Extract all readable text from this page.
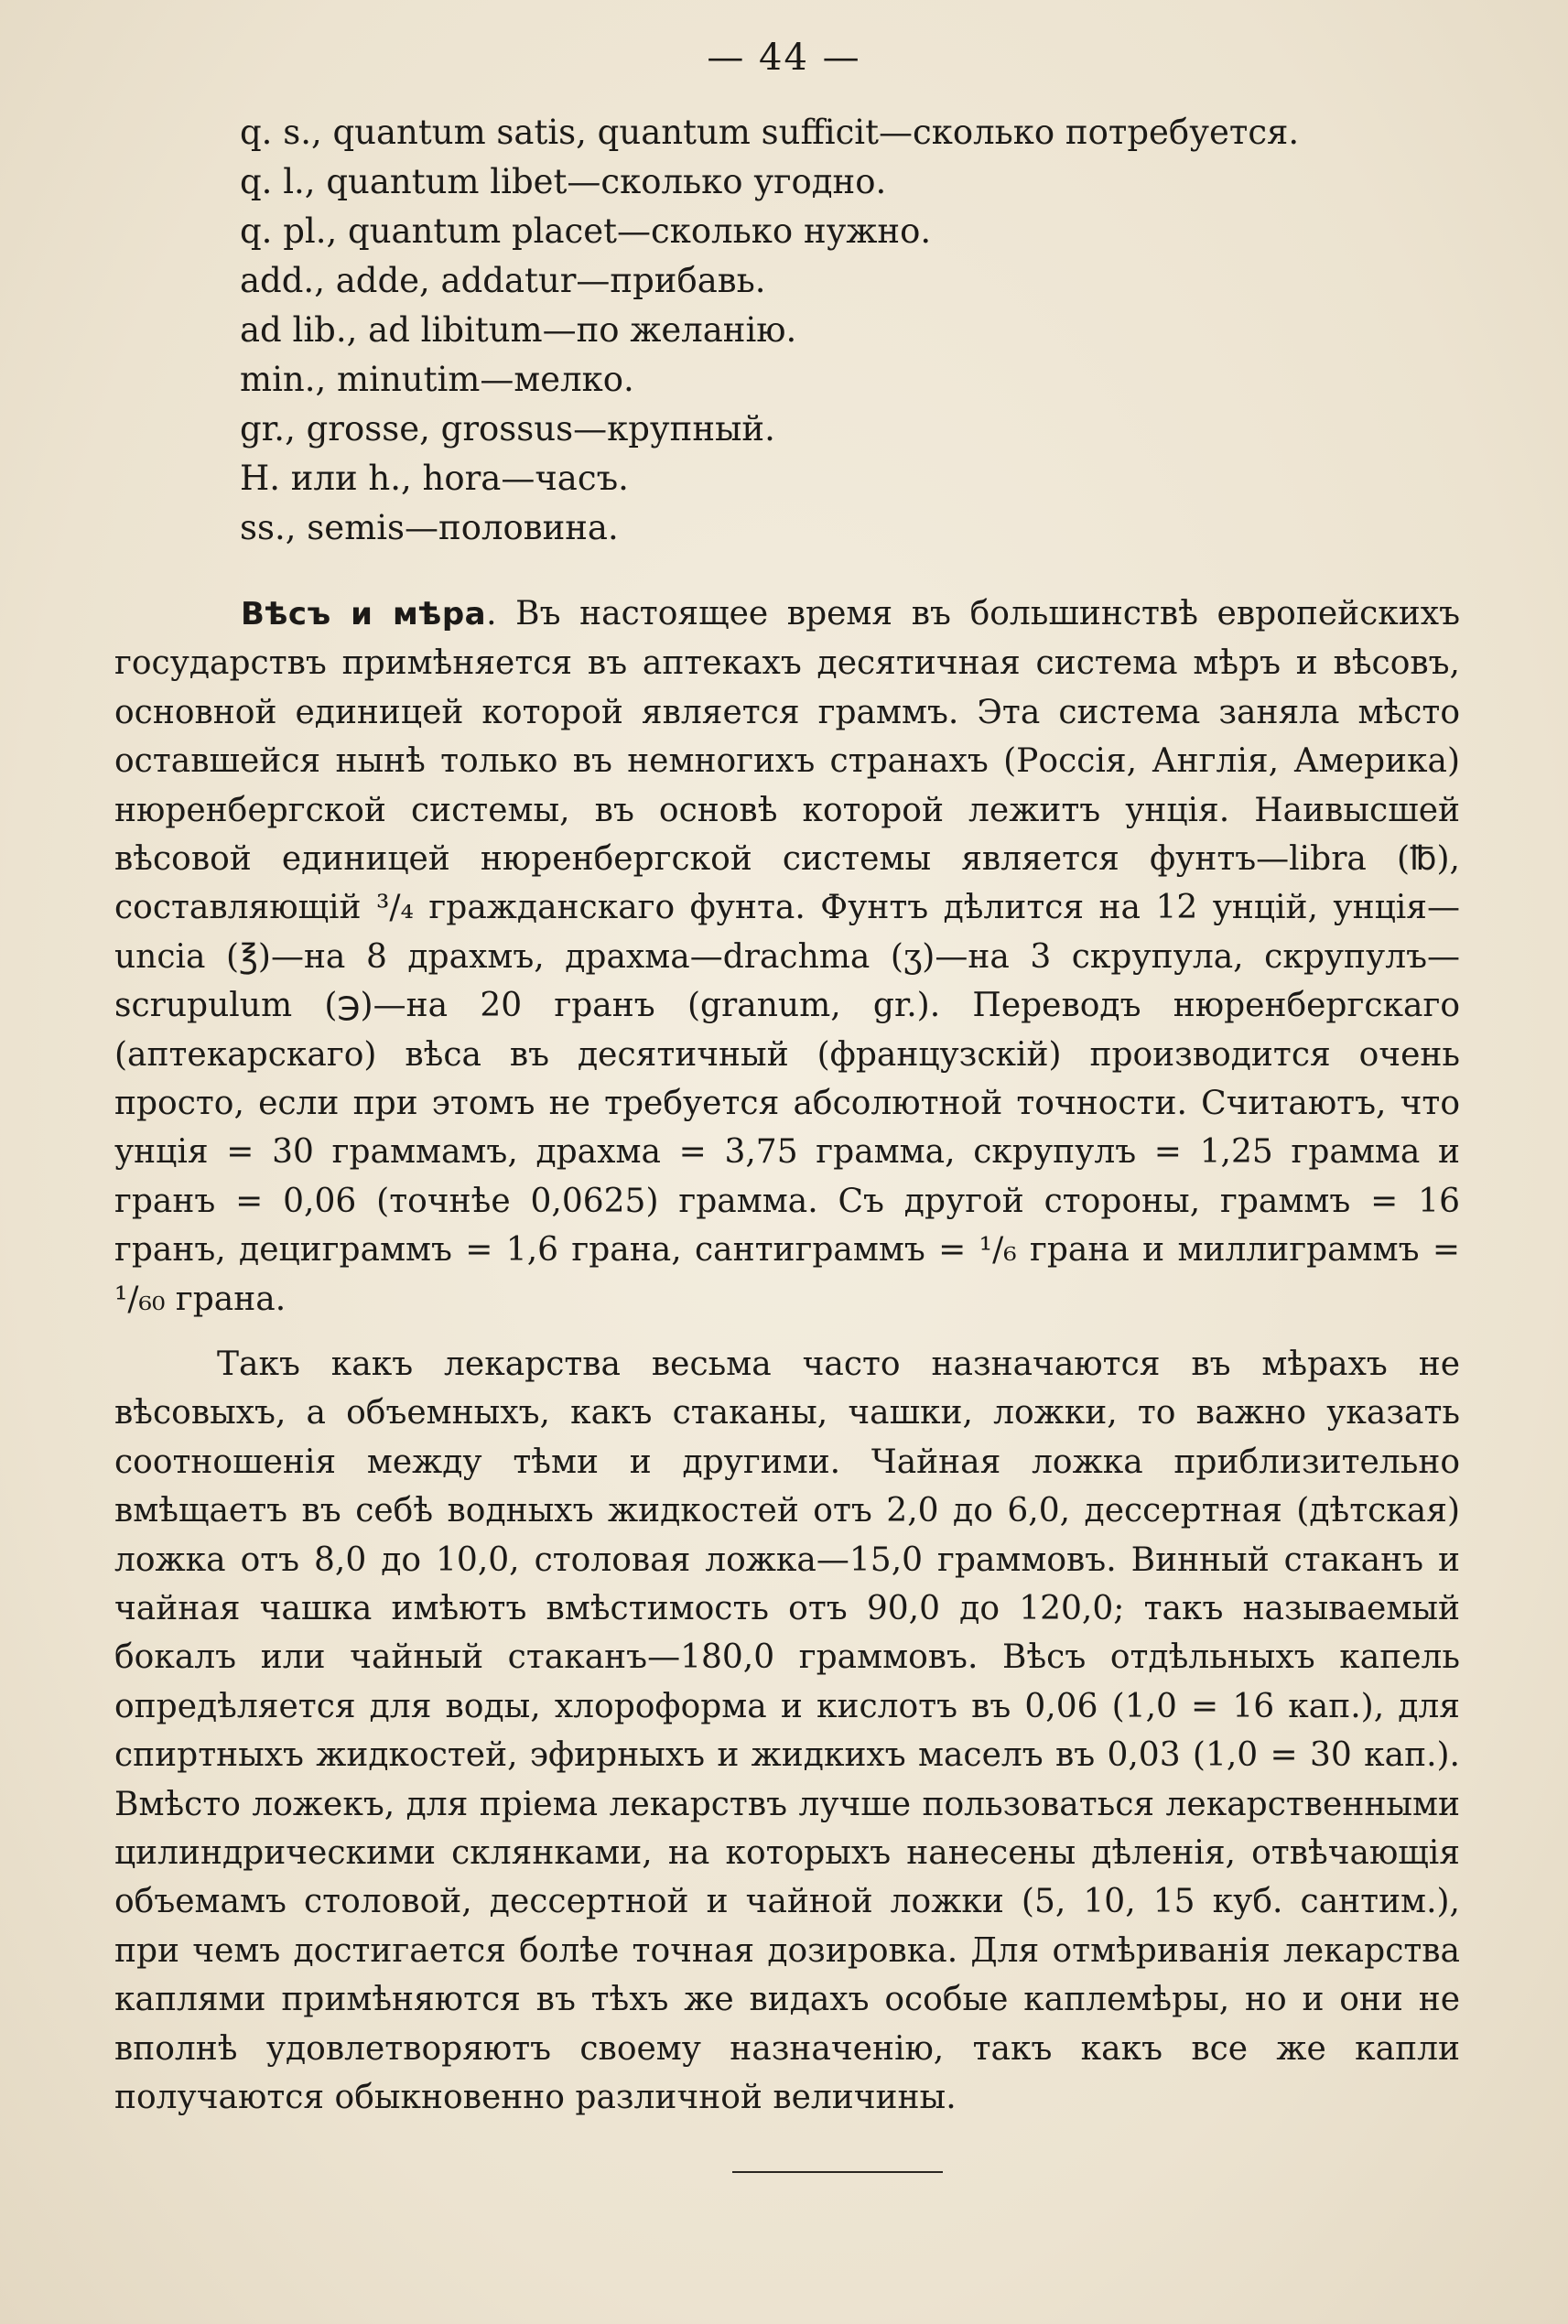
— 44 —
q. s., quantum satis, quantum sufficit—сколько потребуется.
q. l., quantum libet—сколько угодно.
q. pl., quantum placet—сколько нужно.
add., adde, addatur—прибавь.
ad lib., ad libitum—по желанію.
min., minutim—мелко.
gr., grosse, grossus—крупный.
H. или h., hora—часъ.
ss., semis—половина.

Вѣсъ и мѣра. Въ настоящее время въ большинствѣ европейскихъ государствъ примѣняется въ аптекахъ десятичная система мѣръ и вѣсовъ, основной единицей которой является граммъ. Эта система заняла мѣсто оставшейся нынѣ только въ немногихъ странахъ (Россія, Англія, Америка) нюренбергской системы, въ основѣ которой лежитъ унція. Наивысшей вѣсовой единицей нюренбергской системы является фунтъ—libra (℔), составляющій ³/₄ гражданскаго фунта. Фунтъ дѣлится на 12 унцій, унція—uncia (℥)—на 8 драхмъ, драхма—drachma (ʒ)—на 3 скрупула, скрупулъ—scrupulum (℈)—на 20 гранъ (granum, gr.). Переводъ нюренбергскаго (аптекарскаго) вѣса въ десятичный (французскій) производится очень просто, если при этомъ не требуется абсолютной точности. Считаютъ, что унція = 30 граммамъ, драхма = 3,75 грамма, скрупулъ = 1,25 грамма и гранъ = 0,06 (точнѣе 0,0625) грамма. Съ другой стороны, граммъ = 16 гранъ, дециграммъ = 1,6 грана, сантиграммъ = ¹/₆ грана и миллиграммъ = ¹/₆₀ грана.

Такъ какъ лекарства весьма часто назначаются въ мѣрахъ не вѣсовыхъ, а объемныхъ, какъ стаканы, чашки, ложки, то важно указать соотношенія между тѣми и другими. Чайная ложка приблизительно вмѣщаетъ въ себѣ водныхъ жидкостей отъ 2,0 до 6,0, дессертная (дѣтская) ложка отъ 8,0 до 10,0, столовая ложка—15,0 граммовъ. Винный стаканъ и чайная чашка имѣютъ вмѣстимость отъ 90,0 до 120,0; такъ называемый бокалъ или чайный стаканъ—180,0 граммовъ. Вѣсъ отдѣльныхъ капель опредѣляется для воды, хлороформа и кислотъ въ 0,06 (1,0 = 16 кап.), для спиртныхъ жидкостей, эфирныхъ и жидкихъ маселъ въ 0,03 (1,0 = 30 кап.). Вмѣсто ложекъ, для пріема лекарствъ лучше пользоваться лекарственными цилиндрическими склянками, на которыхъ нанесены дѣленія, отвѣчающія объемамъ столовой, дессертной и чайной ложки (5, 10, 15 куб. сантим.), при чемъ достигается болѣе точная дозировка. Для отмѣриванія лекарства каплями примѣняются въ тѣхъ же видахъ особые каплемѣры, но и они не вполнѣ удовлетворяютъ своему назначенію, такъ какъ все же капли получаются обыкновенно различной величины.
